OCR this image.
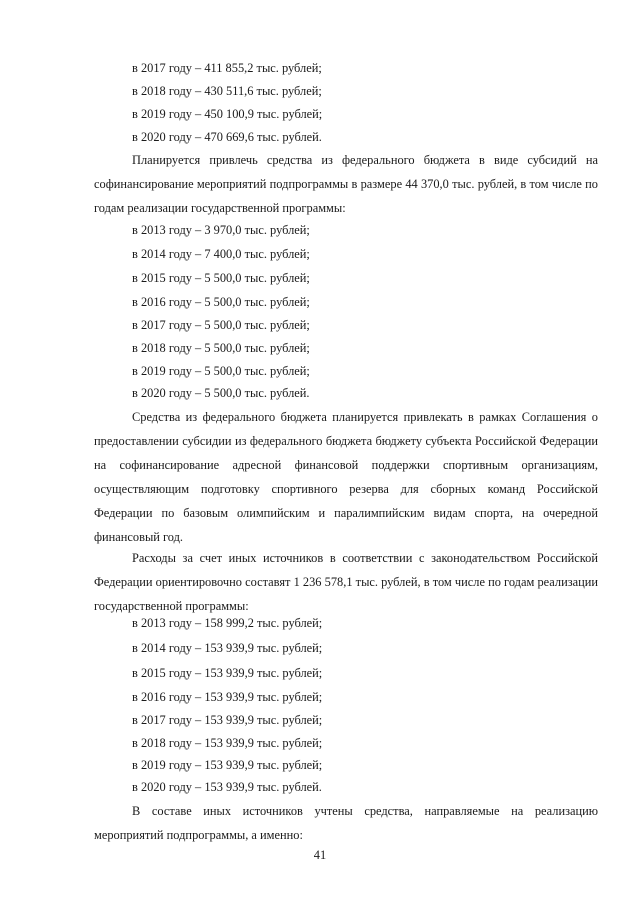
в 2017 году – 411 855,2 тыс. рублей;

в 2018 году – 430 511,6 тыс. рублей;

в 2019 году – 450 100,9 тыс. рублей;

в 2020 году – 470 669,6 тыс. рублей.

Планируется привлечь средства из федерального бюджета в виде субсидий на софинансирование мероприятий подпрограммы в размере 44 370,0 тыс. рублей, в том числе по годам реализации государственной программы:

в 2013 году – 3 970,0 тыс. рублей;

в 2014 году – 7 400,0 тыс. рублей;

в 2015 году – 5 500,0 тыс. рублей;

в 2016 году – 5 500,0 тыс. рублей;

в 2017 году – 5 500,0 тыс. рублей;

в 2018 году – 5 500,0 тыс. рублей;

в 2019 году – 5 500,0 тыс. рублей;

в 2020 году – 5 500,0 тыс. рублей.

Средства из федерального бюджета планируется привлекать в рамках Соглашения о предоставлении субсидии из федерального бюджета бюджету субъекта Российской Федерации на софинансирование адресной финансовой поддержки спортивным организациям, осуществляющим подготовку спортивного резерва для сборных команд Российской Федерации по базовым олимпийским и паралимпийским видам спорта, на очередной финансовый год.

Расходы за счет иных источников в соответствии с законодательством Российской Федерации ориентировочно составят 1 236 578,1 тыс. рублей, в том числе по годам реализации государственной программы:

в 2013 году – 158 999,2 тыс. рублей;

в 2014 году – 153 939,9 тыс. рублей;

в 2015 году – 153 939,9 тыс. рублей;

в 2016 году – 153 939,9 тыс. рублей;

в 2017 году – 153 939,9 тыс. рублей;

в 2018 году – 153 939,9 тыс. рублей;

в 2019 году – 153 939,9 тыс. рублей;

в 2020 году – 153 939,9 тыс. рублей.

В составе иных источников учтены средства, направляемые на реализацию мероприятий подпрограммы, а именно:

41
